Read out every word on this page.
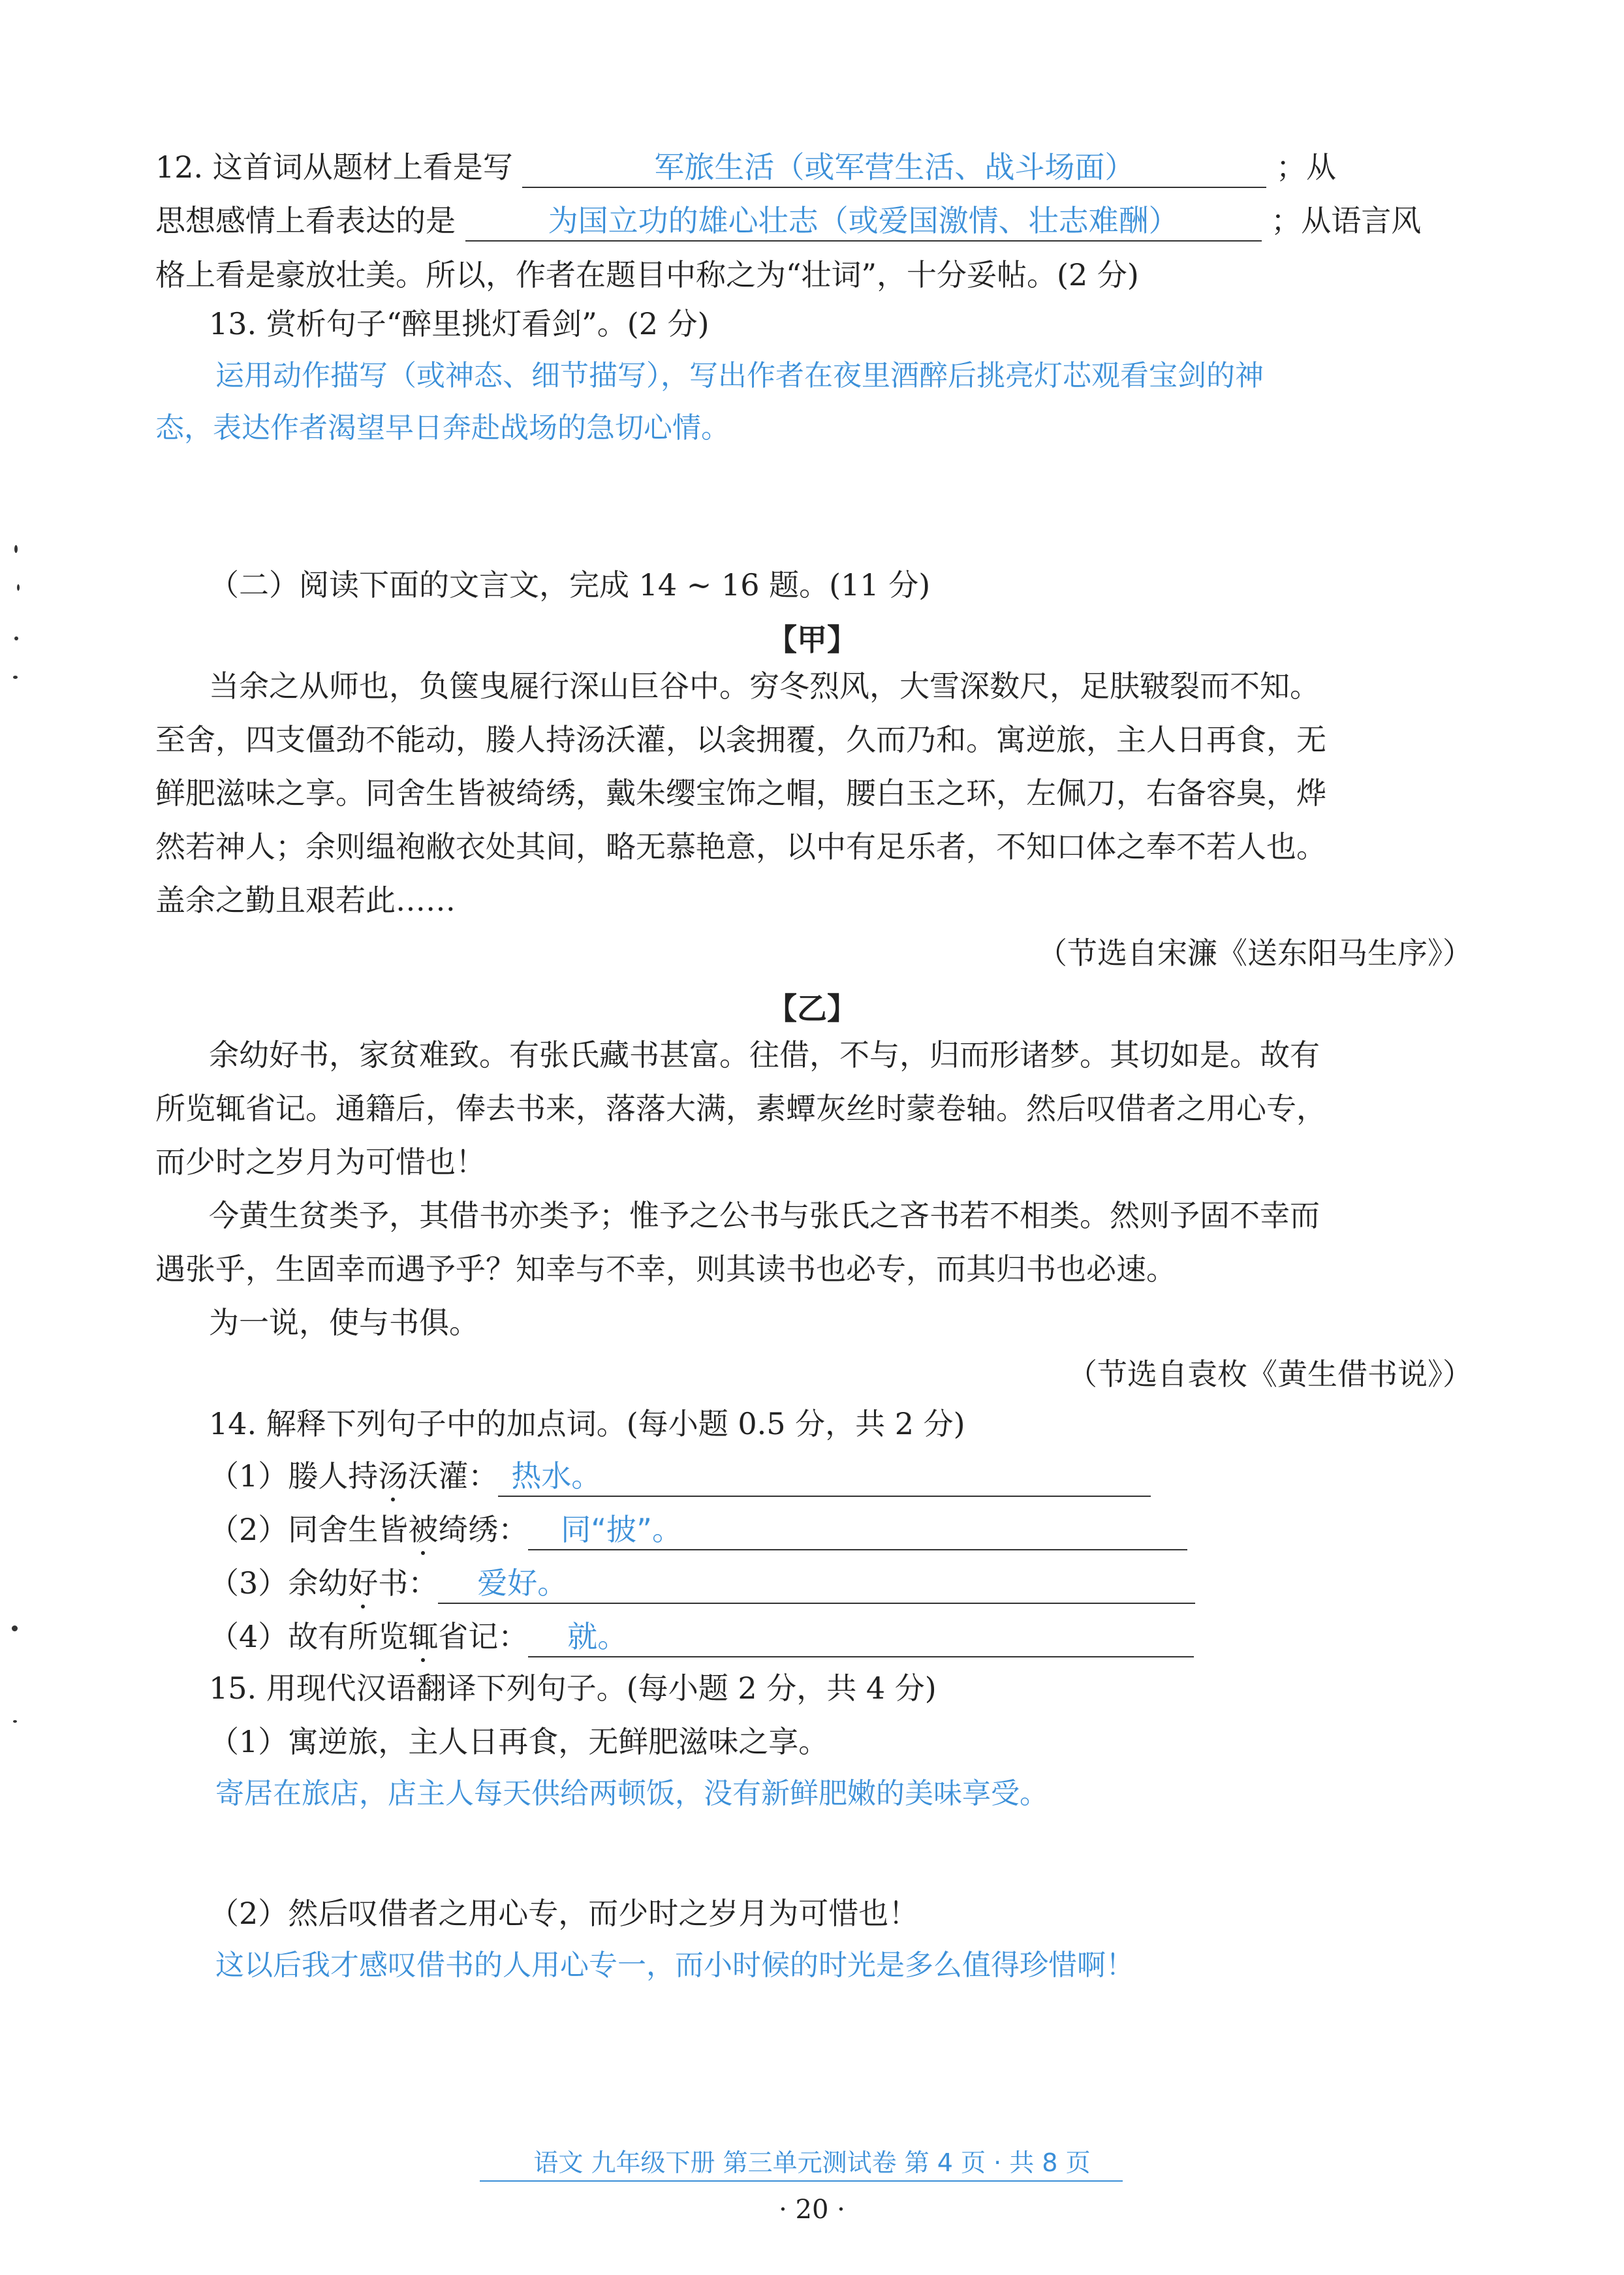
12. 这首词从题材上看是写	军旅生活（或军营生活、战斗场面）	；从
思想感情上看表达的是	为国立功的雄心壮志（或爱国激情、壮志难酬）	；从语言风
格上看是豪放壮美。所以，作者在题目中称之为“壮词”，十分妥帖。(2 分)
13. 赏析句子“醉里挑灯看剑”。(2 分)
运用动作描写（或神态、细节描写），写出作者在夜里酒醉后挑亮灯芯观看宝剑的神
态，表达作者渴望早日奔赴战场的急切心情。
（二）阅读下面的文言文，完成 14 ~ 16 题。(11 分)
【甲】
当余之从师也，负箧曳屣行深山巨谷中。穷冬烈风，大雪深数尺，足肤皲裂而不知。
至舍，四支僵劲不能动，媵人持汤沃灌，以衾拥覆，久而乃和。寓逆旅，主人日再食，无
鲜肥滋味之享。同舍生皆被绮绣，戴朱缨宝饰之帽，腰白玉之环，左佩刀，右备容臭，烨
然若神人；余则缊袍敝衣处其间，略无慕艳意，以中有足乐者，不知口体之奉不若人也。
盖余之勤且艰若此……
（节选自宋濂《送东阳马生序》）
【乙】
余幼好书，家贫难致。有张氏藏书甚富。往借，不与，归而形诸梦。其切如是。故有
所览辄省记。通籍后，俸去书来，落落大满，素蟫灰丝时蒙卷轴。然后叹借者之用心专，
而少时之岁月为可惜也！
今黄生贫类予，其借书亦类予；惟予之公书与张氏之吝书若不相类。然则予固不幸而
遇张乎，生固幸而遇予乎？知幸与不幸，则其读书也必专，而其归书也必速。
为一说，使与书俱。
（节选自袁枚《黄生借书说》）
14. 解释下列句子中的加点词。(每小题 0.5 分，共 2 分)
（1）媵人持汤沃灌： 热水。
（2）同舍生皆被绮绣： 同“披”。
（3）余幼好书： 爱好。
（4）故有所览辄省记： 就。
15. 用现代汉语翻译下列句子。(每小题 2 分，共 4 分)
（1）寓逆旅，主人日再食，无鲜肥滋味之享。
寄居在旅店，店主人每天供给两顿饭，没有新鲜肥嫩的美味享受。
（2）然后叹借者之用心专，而少时之岁月为可惜也！
这以后我才感叹借书的人用心专一，而小时候的时光是多么值得珍惜啊！
语文 九年级下册 第三单元测试卷 第 4 页 · 共 8 页
· 20 ·
